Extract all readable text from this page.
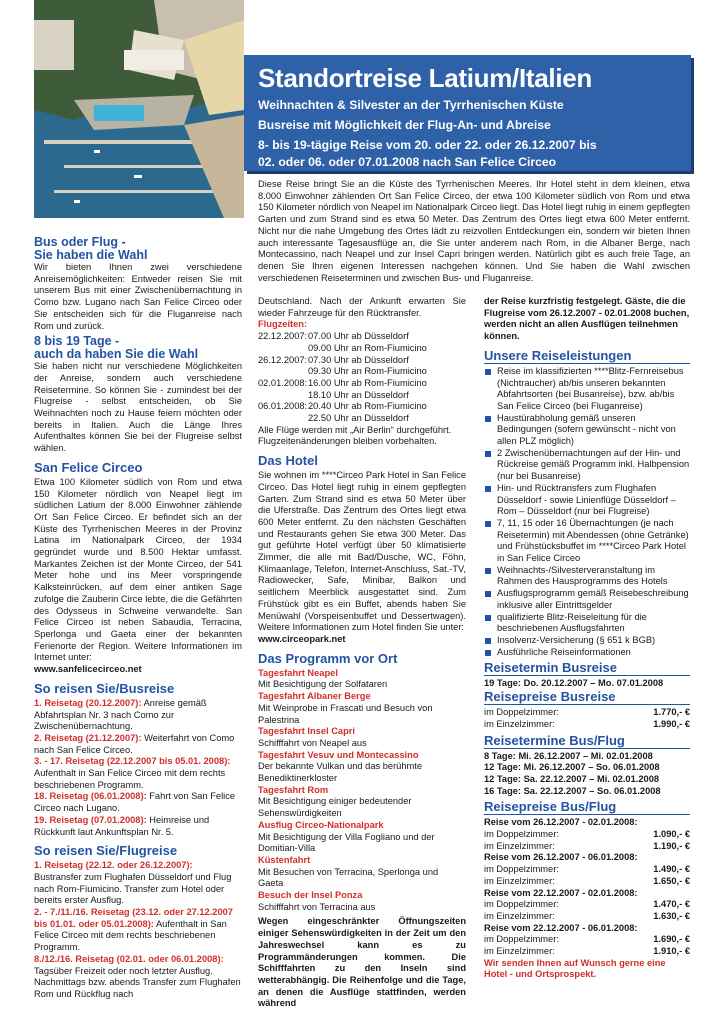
Standortreise Latium/Italien
Weihnachten & Silvester an der Tyrrhenischen Küste
Busreise mit Möglichkeit der Flug-An- und Abreise
8- bis 19-tägige Reise vom 20. oder 22. oder 26.12.2007 bis
02. oder 06. oder 07.01.2008 nach San Felice Circeo
Diese Reise bringt Sie an die Küste des Tyrrhenischen Meeres. Ihr Hotel steht in dem kleinen, etwa 8.000 Einwohner zählenden Ort San Felice Circeo, der etwa 100 Kilometer südlich von Rom und etwa 150 Kilometer nördlich von Neapel im Nationalpark Circeo liegt. Das Hotel liegt ruhig in einem gepflegten Garten und zum Strand sind es etwa 50 Meter. Das Zentrum des Ortes liegt etwa 600 Meter entfernt. Nicht nur die nahe Umgebung des Ortes lädt zu reizvollen Entdeckungen ein, sondern wir bieten Ihnen auch interessante Tagesausflüge an, die Sie unter anderem nach Rom, in die Albaner Berge, nach Montecassino, nach Neapel und zur Insel Capri bringen werden. Natürlich gibt es auch freie Tage, an denen Sie Ihren eigenen Interessen nachgehen können. Und Sie haben die Wahl zwischen verschiedenen Reiseterminen und zwischen Bus- und Fluganreise.
Bus oder Flug -
Sie haben die Wahl
Wir bieten Ihnen zwei verschiedene Anreisemöglichkeiten: Entweder reisen Sie mit unserem Bus mit einer Zwischenübernachtung in Como bzw. Lugano nach San Felice Circeo oder Sie entscheiden sich für die Fluganreise nach Rom und zurück.
8 bis 19 Tage -
auch da haben Sie die Wahl
Sie haben nicht nur verschiedene Möglichkeiten der Anreise, sondern auch verschiedene Reisetermine. So können Sie - zumindest bei der Flugreise - selbst entscheiden, ob Sie Weihnachten noch zu Hause feiern möchten oder bereits in Italien. Auch die Länge Ihres Aufenthaltes können Sie bei der Flugreise selbst wählen.
San Felice Circeo
Etwa 100 Kilometer südlich von Rom und etwa 150 Kilometer nördlich von Neapel liegt im südlichen Latium der 8.000 Einwohner zählende Ort San Felice Circeo. Er befindet sich an der Küste des Tyrrhenischen Meeres in der Provinz Latina im Nationalpark Circeo, der 1934 gegründet wurde und 8.500 Hektar umfasst. Markantes Zeichen ist der Monte Circeo, der 541 Meter hohe und ins Meer vorspringende Kalksteinrücken, auf dem einer antiken Sage zufolge die Zauberin Circe lebte, die die Gefährten des Odysseus in Schweine verwandelte. San Felice Circeo ist neben Sabaudia, Terracina, Sperlonga und Gaeta einer der bekannten Ferienorte der Region. Weitere Informationen im Internet unter:
www.sanfelicecirceo.net
So reisen Sie/Busreise
1. Reisetag (20.12.2007): Anreise gemäß Abfahrtsplan Nr. 3 nach Como zur Zwischenübernachtung.
2. Reisetag (21.12.2007): Weiterfahrt von Como nach San Felice Circeo.
3. - 17. Reisetag (22.12.2007 bis 05.01. 2008): Aufenthalt in San Felice Circeo mit dem rechts beschriebenen Programm.
18. Reisetag (06.01.2008): Fahrt von San Felice Circeo nach Lugano.
19. Reisetag (07.01.2008): Heimreise und Rückkunft laut Ankunftsplan Nr. 5.
So reisen Sie/Flugreise
1. Reisetag (22.12. oder 26.12.2007): Bustransfer zum Flughafen Düsseldorf und Flug nach Rom-Fiumicino. Transfer zum Hotel oder bereits erster Ausflug.
2. - 7./11./16. Reisetag (23.12. oder 27.12.2007 bis 01.01. oder 05.01.2008): Aufenthalt in San Felice Circeo mit dem rechts beschriebenen Programm.
8./12./16. Reisetag (02.01. oder 06.01.2008): Tagsüber Freizeit oder noch letzter Ausflug. Nachmittags bzw. abends Transfer zum Flughafen Rom und Rückflug nach
Deutschland. Nach der Ankunft erwarten Sie wieder Fahrzeuge für den Rücktransfer.
Flugzeiten:
22.12.2007: 07.00 Uhr ab Düsseldorf
09.00 Uhr an Rom-Fiumicino
26.12.2007: 07.30 Uhr ab Düsseldorf
09.30 Uhr an Rom-Fiumicino
02.01.2008: 16.00 Uhr ab Rom-Fiumicino
18.10 Uhr an Düsseldorf
06.01.2008: 20.40 Uhr ab Rom-Fiumicino
22.50 Uhr an Düsseldorf
Alle Flüge werden mit „Air Berlin“ durchgeführt. Flugzeitenänderungen bleiben vorbehalten.
Das Hotel
Sie wohnen im ****Circeo Park Hotel in San Felice Circeo. Das Hotel liegt ruhig in einem gepflegten Garten. Zum Strand sind es etwa 50 Meter über die Uferstraße. Das Zentrum des Ortes liegt etwa 600 Meter entfernt. Zu den nächsten Geschäften und Restaurants gehen Sie etwa 300 Meter. Das gut geführte Hotel verfügt über 50 klimatisierte Zimmer, die alle mit Bad/Dusche, WC, Föhn, Klimaanlage, Telefon, Internet-Anschluss, Sat.-TV, Radiowecker, Safe, Minibar, Balkon und seitlichem Meerblick ausgestattet sind. Zum Frühstück gibt es ein Buffet, abends haben Sie Menüwahl (Vorspeisenbuffet und Dessertwagen). Weitere Informationen zum Hotel finden Sie unter:
www.circeopark.net
Das Programm vor Ort
Tagesfahrt Neapel
Mit Besichtigung der Solfataren
Tagesfahrt Albaner Berge
Mit Weinprobe in Frascati und Besuch von Palestrina
Tagesfahrt Insel Capri
Schifffahrt von Neapel aus
Tagesfahrt Vesuv und Montecassino
Der bekannte Vulkan und das berühmte Benediktinerkloster
Tagesfahrt Rom
Mit Besichtigung einiger bedeutender Sehenswürdigkeiten
Ausflug Circeo-Nationalpark
Mit Besichtigung der Villa Fogliano und der Domitian-Villa
Küstenfahrt
Mit Besuchen von Terracina, Sperlonga und Gaeta
Besuch der Insel Ponza
Schifffahrt von Terracina aus
Wegen eingeschränkter Öffnungszeiten einiger Sehenswürdigkeiten in der Zeit um den Jahreswechsel kann es zu Programmänderungen kommen. Die Schifffahrten zu den Inseln sind wetterabhängig. Die Reihenfolge und die Tage, an denen die Ausflüge stattfinden, werden während
der Reise kurzfristig festgelegt. Gäste, die die Flugreise vom 26.12.2007 - 02.01.2008 buchen, werden nicht an allen Ausflügen teilnehmen können.
Unsere Reiseleistungen
Reise im klassifizierten ****Blitz-Fernreisebus (Nichtraucher) ab/bis unseren bekannten Abfahrtsorten (bei Busanreise), bzw. ab/bis San Felice Circeo (bei Fluganreise)
Haustürabholung gemäß unseren Bedingungen (sofern gewünscht - nicht von allen PLZ möglich)
2 Zwischenübernachtungen auf der Hin- und Rückreise gemäß Programm inkl. Halbpension (nur bei Busanreise)
Hin- und Rücktransfers zum Flughafen Düsseldorf - sowie Linienflüge Düsseldorf – Rom – Düsseldorf (nur bei Flugreise)
7, 11, 15 oder 16 Übernachtungen (je nach Reisetermin) mit Abendessen (ohne Getränke) und Frühstücksbuffet im ****Circeo Park Hotel in San Felice Circeo
Weihnachts-/Silvesterveranstaltung im Rahmen des Hausprogramms des Hotels
Ausflugsprogramm gemäß Reisebeschreibung inklusive aller Eintrittsgelder
qualifizierte Blitz-Reiseleitung für die beschriebenen Ausflugsfahrten
Insolvenz-Versicherung (§ 651 k BGB)
Ausführliche Reiseinformationen
Reisetermin Busreise
19 Tage: Do. 20.12.2007 – Mo. 07.01.2008
Reisepreise Busreise
im Doppelzimmer:	1.770,- €
im Einzelzimmer:	1.990,- €
Reisetermine Bus/Flug
8 Tage: Mi. 26.12.2007 – Mi. 02.01.2008
12 Tage: Mi. 26.12.2007 – So. 06.01.2008
12 Tage: Sa. 22.12.2007 – Mi. 02.01.2008
16 Tage: Sa. 22.12.2007 – So. 06.01.2008
Reisepreise Bus/Flug
Reise vom 26.12.2007 - 02.01.2008:
im Doppelzimmer:	1.090,- €
im Einzelzimmer:	1.190,- €
Reise vom 26.12.2007 - 06.01.2008:
im Doppelzimmer:	1.490,- €
im Einzelzimmer:	1.650,- €
Reise vom 22.12.2007 - 02.01.2008:
im Doppelzimmer:	1.470,- €
im Einzelzimmer:	1.630,- €
Reise vom 22.12.2007 - 06.01.2008:
im Doppelzimmer:	1.690,- €
im Einzelzimmer:	1.910,- €
Wir senden Ihnen auf Wunsch gerne eine Hotel - und Ortsprospekt.
